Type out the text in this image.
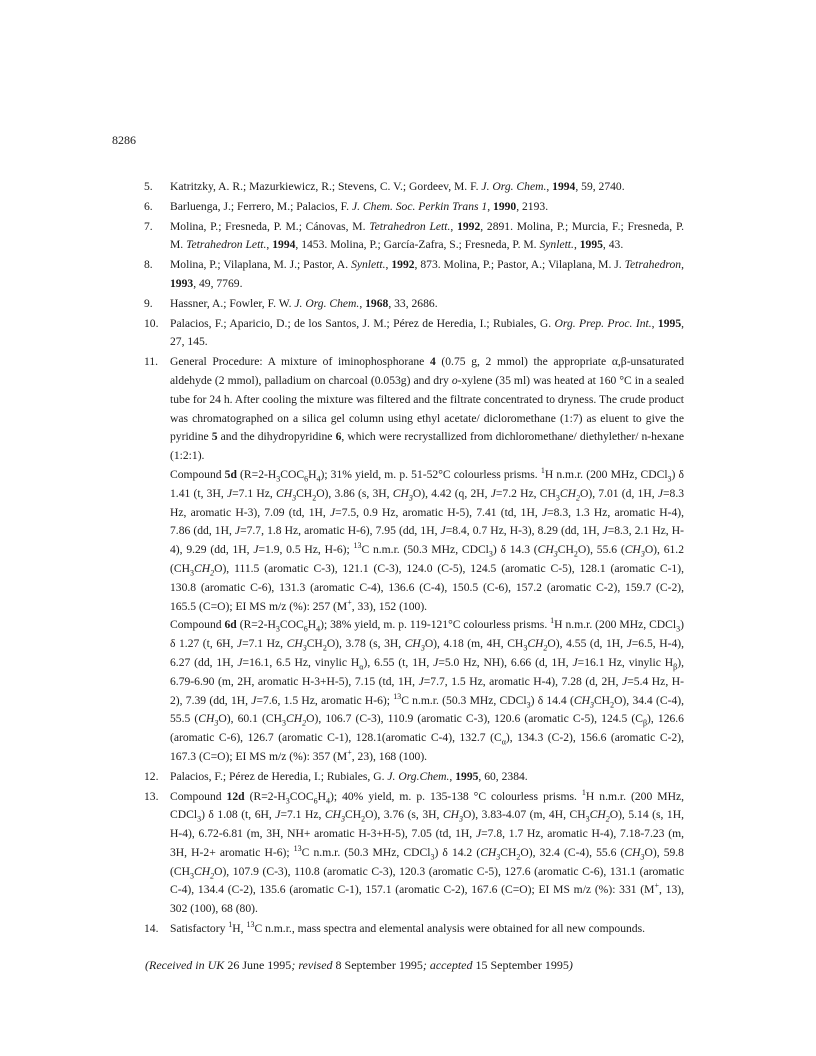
8286
5. Katritzky, A. R.; Mazurkiewicz, R.; Stevens, C. V.; Gordeev, M. F. J. Org. Chem., 1994, 59, 2740.

6. Barluenga, J.; Ferrero, M.; Palacios, F. J. Chem. Soc. Perkin Trans 1, 1990, 2193.

7. Molina, P.; Fresneda, P. M.; Cánovas, M. Tetrahedron Lett., 1992, 2891. Molina, P.; Murcia, F.; Fresneda, P. M. Tetrahedron Lett., 1994, 1453. Molina, P.; García-Zafra, S.; Fresneda, P. M. Synlett., 1995, 43.

8. Molina, P.; Vilaplana, M. J.; Pastor, A. Synlett., 1992, 873. Molina, P.; Pastor, A.; Vilaplana, M. J. Tetrahedron, 1993, 49, 7769.

9. Hassner, A.; Fowler, F. W. J. Org. Chem., 1968, 33, 2686.

10. Palacios, F.; Aparicio, D.; de los Santos, J. M.; Pérez de Heredia, I.; Rubiales, G. Org. Prep. Proc. Int., 1995, 27, 145.

11. General Procedure: A mixture of iminophosphorane 4 (0.75 g, 2 mmol) the appropriate α,β-unsaturated aldehyde (2 mmol), palladium on charcoal (0.053g) and dry o-xylene (35 ml) was heated at 160 °C in a sealed tube for 24 h. After cooling the mixture was filtered and the filtrate concentrated to dryness. The crude product was chromatographed on a silica gel column using ethyl acetate/ dicloromethane (1:7) as eluent to give the pyridine 5 and the dihydropyridine 6, which were recrystallized from dichloromethane/ diethylether/ n-hexane (1:2:1).

Compound 5d $(R=2-H_3COC_6H_4)$; 31% yield, m. p. 51-52°C colourless prisms. $^1$H n.m.r. (200 MHz, CDCl$_3$) δ 1.41 (t, 3H, J=7.1 Hz, $CH_3CH_2O$), 3.86 (s, 3H, $CH_3O$), 4.42 (q, 2H, J=7.2 Hz, $CH_3CH_2O$), 7.01 (d, 1H, J=8.3 Hz, aromatic H-3), 7.09 (td, 1H, J=7.5, 0.9 Hz, aromatic H-5), 7.41 (td, 1H, J=8.3, 1.3 Hz, aromatic H-4), 7.86 (dd, 1H, J=7.7, 1.8 Hz, aromatic H-6), 7.95 (dd, 1H, J=8.4, 0.7 Hz, H-3), 8.29 (dd, 1H, J=8.3, 2.1 Hz, H-4), 9.29 (dd, 1H, J=1.9, 0.5 Hz, H-6); $^{13}$C n.m.r. (50.3 MHz, CDCl$_3$) δ 14.3 $(CH_3CH_2O)$, 55.6 $(CH_3O)$, 61.2 $(CH_3CH_2O)$, 111.5 (aromatic C-3), 121.1 (C-3), 124.0 (C-5), 124.5 (aromatic C-5), 128.1 (aromatic C-1), 130.8 (aromatic C-6), 131.3 (aromatic C-4), 136.6 (C-4), 150.5 (C-6), 157.2 (aromatic C-2), 159.7 (C-2), 165.5 (C=O); EI MS m/z (%): 257 (M+, 33), 152 (100).

Compound 6d $(R=2-H_3COC_6H_4)$; 38% yield, m. p. 119-121°C colourless prisms. $^1$H n.m.r. (200 MHz, CDCl$_3$) δ 1.27 (t, 6H, J=7.1 Hz, $CH_3CH_2O$), 3.78 (s, 3H, $CH_3O$), 4.18 (m, 4H, $CH_3CH_2O$), 4.55 (d, 1H, J=6.5, H-4), 6.27 (dd, 1H, J=16.1, 6.5 Hz, vinylic $H_\alpha$), 6.55 (t, 1H, J=5.0 Hz, NH), 6.66 (d, 1H, J=16.1 Hz, vinylic $H_\beta$), 6.79-6.90 (m, 2H, aromatic H-3+H-5), 7.15 (td, 1H, J=7.7, 1.5 Hz, aromatic H-4), 7.28 (d, 2H, J=5.4 Hz, H-2), 7.39 (dd, 1H, J=7.6, 1.5 Hz, aromatic H-6); $^{13}$C n.m.r. (50.3 MHz, CDCl$_3$) δ 14.4 $(CH_3CH_2O)$, 34.4 (C-4), 55.5 $(CH_3O)$, 60.1 $(CH_3CH_2O)$, 106.7 (C-3), 110.9 (aromatic C-3), 120.6 (aromatic C-5), 124.5 $(C_\beta)$, 126.6 (aromatic C-6), 126.7 (aromatic C-1), 128.1(aromatic C-4), 132.7 $(C_\alpha)$, 134.3 (C-2), 156.6 (aromatic C-2), 167.3 (C=O); EI MS m/z (%): 357 (M+, 23), 168 (100).

12. Palacios, F.; Pérez de Heredia, I.; Rubiales, G. J. Org.Chem., 1995, 60, 2384.

13. Compound 12d $(R=2-H_3COC_6H_4)$; 40% yield, m. p. 135-138 °C colourless prisms. $^1$H n.m.r. (200 MHz, CDCl$_3$) δ 1.08 (t, 6H, J=7.1 Hz, $CH_3CH_2O$), 3.76 (s, 3H, $CH_3O$), 3.83-4.07 (m, 4H, $CH_3CH_2O$), 5.14 (s, 1H, H-4), 6.72-6.81 (m, 3H, NH+ aromatic H-3+H-5), 7.05 (td, 1H, J=7.8, 1.7 Hz, aromatic H-4), 7.18-7.23 (m, 3H, H-2+ aromatic H-6); $^{13}$C n.m.r. (50.3 MHz, CDCl$_3$) δ 14.2 $(CH_3CH_2O)$, 32.4 (C-4), 55.6 $(CH_3O)$, 59.8 $(CH_3CH_2O)$, 107.9 (C-3), 110.8 (aromatic C-3), 120.3 (aromatic C-5), 127.6 (aromatic C-6), 131.1 (aromatic C-4), 134.4 (C-2), 135.6 (aromatic C-1), 157.1 (aromatic C-2), 167.6 (C=O); EI MS m/z (%): 331 (M+, 13), 302 (100), 68 (80).

14. Satisfactory $^1$H, $^{13}$C n.m.r., mass spectra and elemental analysis were obtained for all new compounds.

(Received in UK 26 June 1995; revised 8 September 1995; accepted 15 September 1995)
